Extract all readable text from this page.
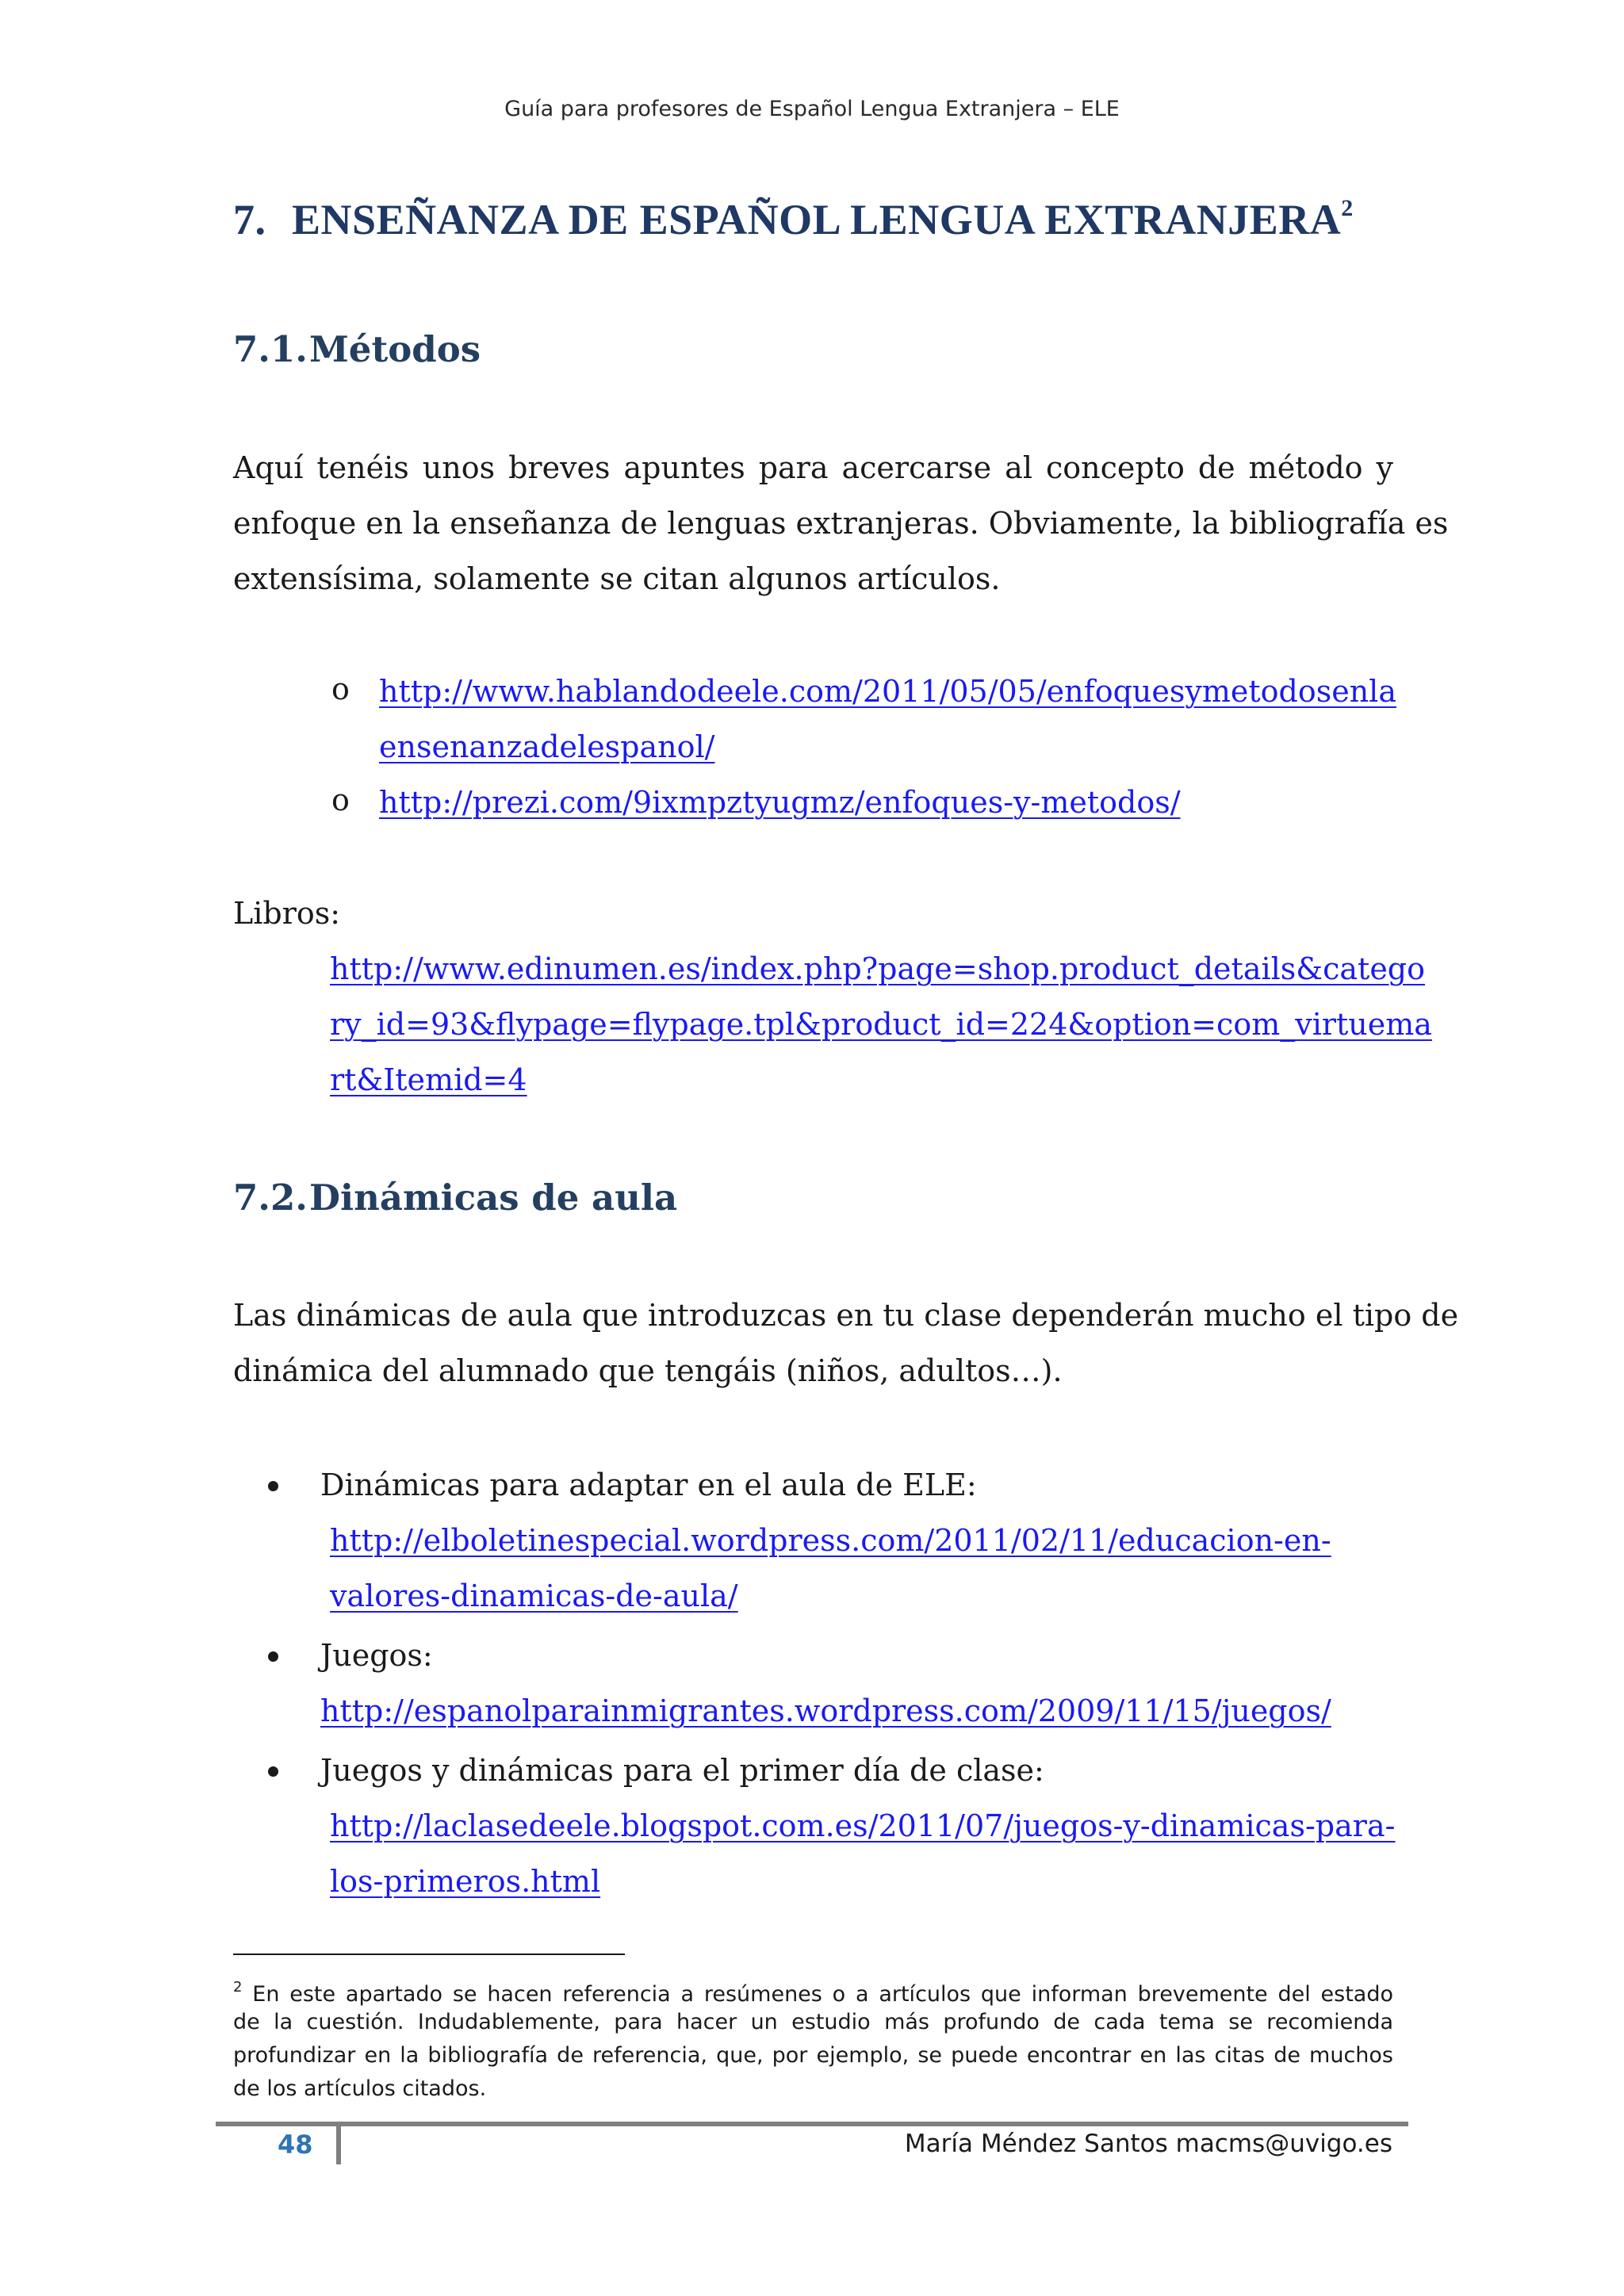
Guía para profesores de Español Lengua Extranjera – ELE
7. ENSEÑANZA DE ESPAÑOL LENGUA EXTRANJERA$^2$
7.1.Métodos
Aquí tenéis unos breves apuntes para acercarse al concepto de método y
enfoque en la enseñanza de lenguas extranjeras. Obviamente, la bibliografía es
extensísima, solamente se citan algunos artículos.
o http://www.hablandodeele.com/2011/05/05/enfoquesymetodosenla
ensenanzadelespanol/
o http://prezi.com/9ixmpztyugmz/enfoques-y-metodos/
Libros:
http://www.edinumen.es/index.php?page=shop.product_details&catego
ry_id=93&flypage=flypage.tpl&product_id=224&option=com_virtuema
rt&Itemid=4
7.2.Dinámicas de aula
Las dinámicas de aula que introduzcas en tu clase dependerán mucho el tipo de
dinámica del alumnado que tengáis (niños, adultos…).
Dinámicas para adaptar en el aula de ELE:
http://elboletinespecial.wordpress.com/2011/02/11/educacion-en-
valores-dinamicas-de-aula/
Juegos:
http://espanolparainmigrantes.wordpress.com/2009/11/15/juegos/
Juegos y dinámicas para el primer día de clase:
http://laclasedeele.blogspot.com.es/2011/07/juegos-y-dinamicas-para-
los-primeros.html
$^2$ En este apartado se hacen referencia a resúmenes o a artículos que informan brevemente del estado
de la cuestión. Indudablemente, para hacer un estudio más profundo de cada tema se recomienda
profundizar en la bibliografía de referencia, que, por ejemplo, se puede encontrar en las citas de muchos
de los artículos citados.
48	María Méndez Santos macms@uvigo.es
